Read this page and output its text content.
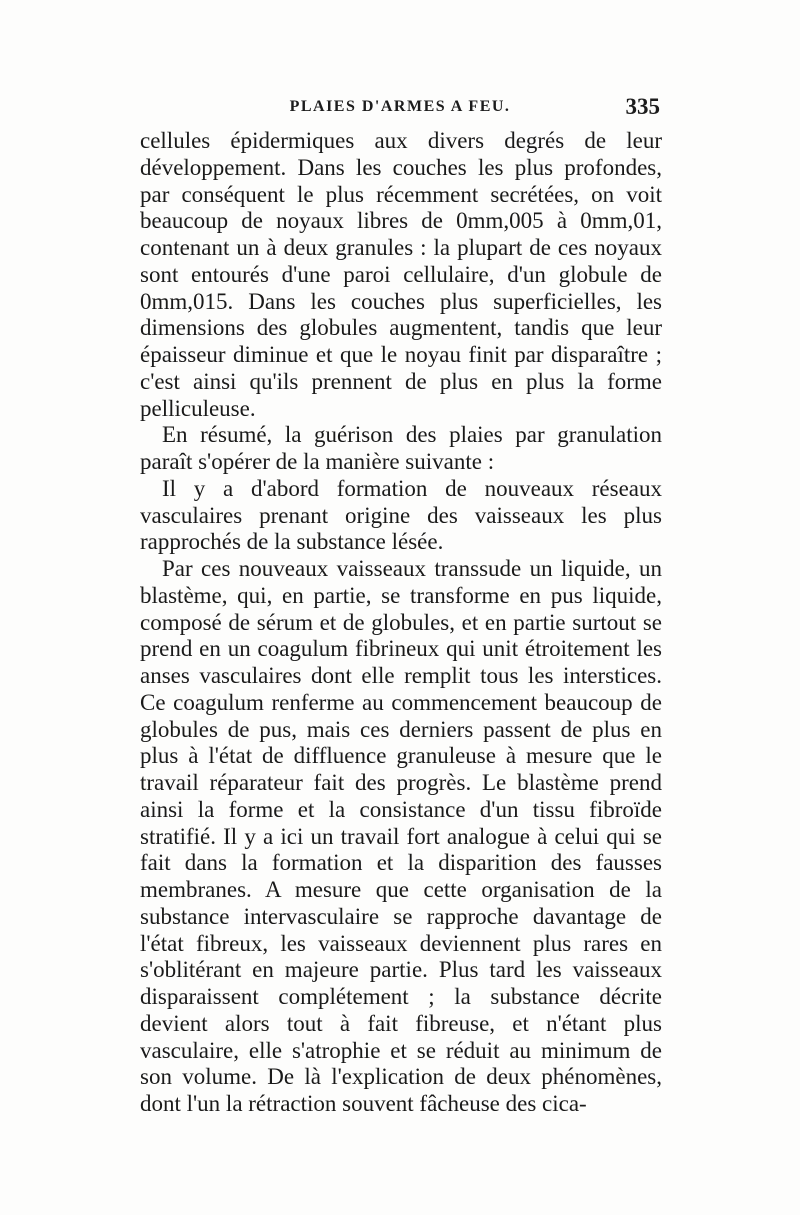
PLAIES D'ARMES A FEU.	335

cellules épidermiques aux divers degrés de leur développement. Dans les couches les plus profondes, par conséquent le plus récemment secrétées, on voit beaucoup de noyaux libres de 0mm,005 à 0mm,01, contenant un à deux granules : la plupart de ces noyaux sont entourés d'une paroi cellulaire, d'un globule de 0mm,015. Dans les couches plus superficielles, les dimensions des globules augmentent, tandis que leur épaisseur diminue et que le noyau finit par disparaître ; c'est ainsi qu'ils prennent de plus en plus la forme pelliculeuse.

En résumé, la guérison des plaies par granulation paraît s'opérer de la manière suivante :

Il y a d'abord formation de nouveaux réseaux vasculaires prenant origine des vaisseaux les plus rapprochés de la substance lésée.

Par ces nouveaux vaisseaux transsude un liquide, un blastème, qui, en partie, se transforme en pus liquide, composé de sérum et de globules, et en partie surtout se prend en un coagulum fibrineux qui unit étroitement les anses vasculaires dont elle remplit tous les interstices. Ce coagulum renferme au commencement beaucoup de globules de pus, mais ces derniers passent de plus en plus à l'état de diffluence granuleuse à mesure que le travail réparateur fait des progrès. Le blastème prend ainsi la forme et la consistance d'un tissu fibroïde stratifié. Il y a ici un travail fort analogue à celui qui se fait dans la formation et la disparition des fausses membranes. A mesure que cette organisation de la substance intervasculaire se rapproche davantage de l'état fibreux, les vaisseaux deviennent plus rares en s'oblitérant en majeure partie. Plus tard les vaisseaux disparaissent complétement ; la substance décrite devient alors tout à fait fibreuse, et n'étant plus vasculaire, elle s'atrophie et se réduit au minimum de son volume. De là l'explication de deux phénomènes, dont l'un la rétraction souvent fâcheuse des cica-
